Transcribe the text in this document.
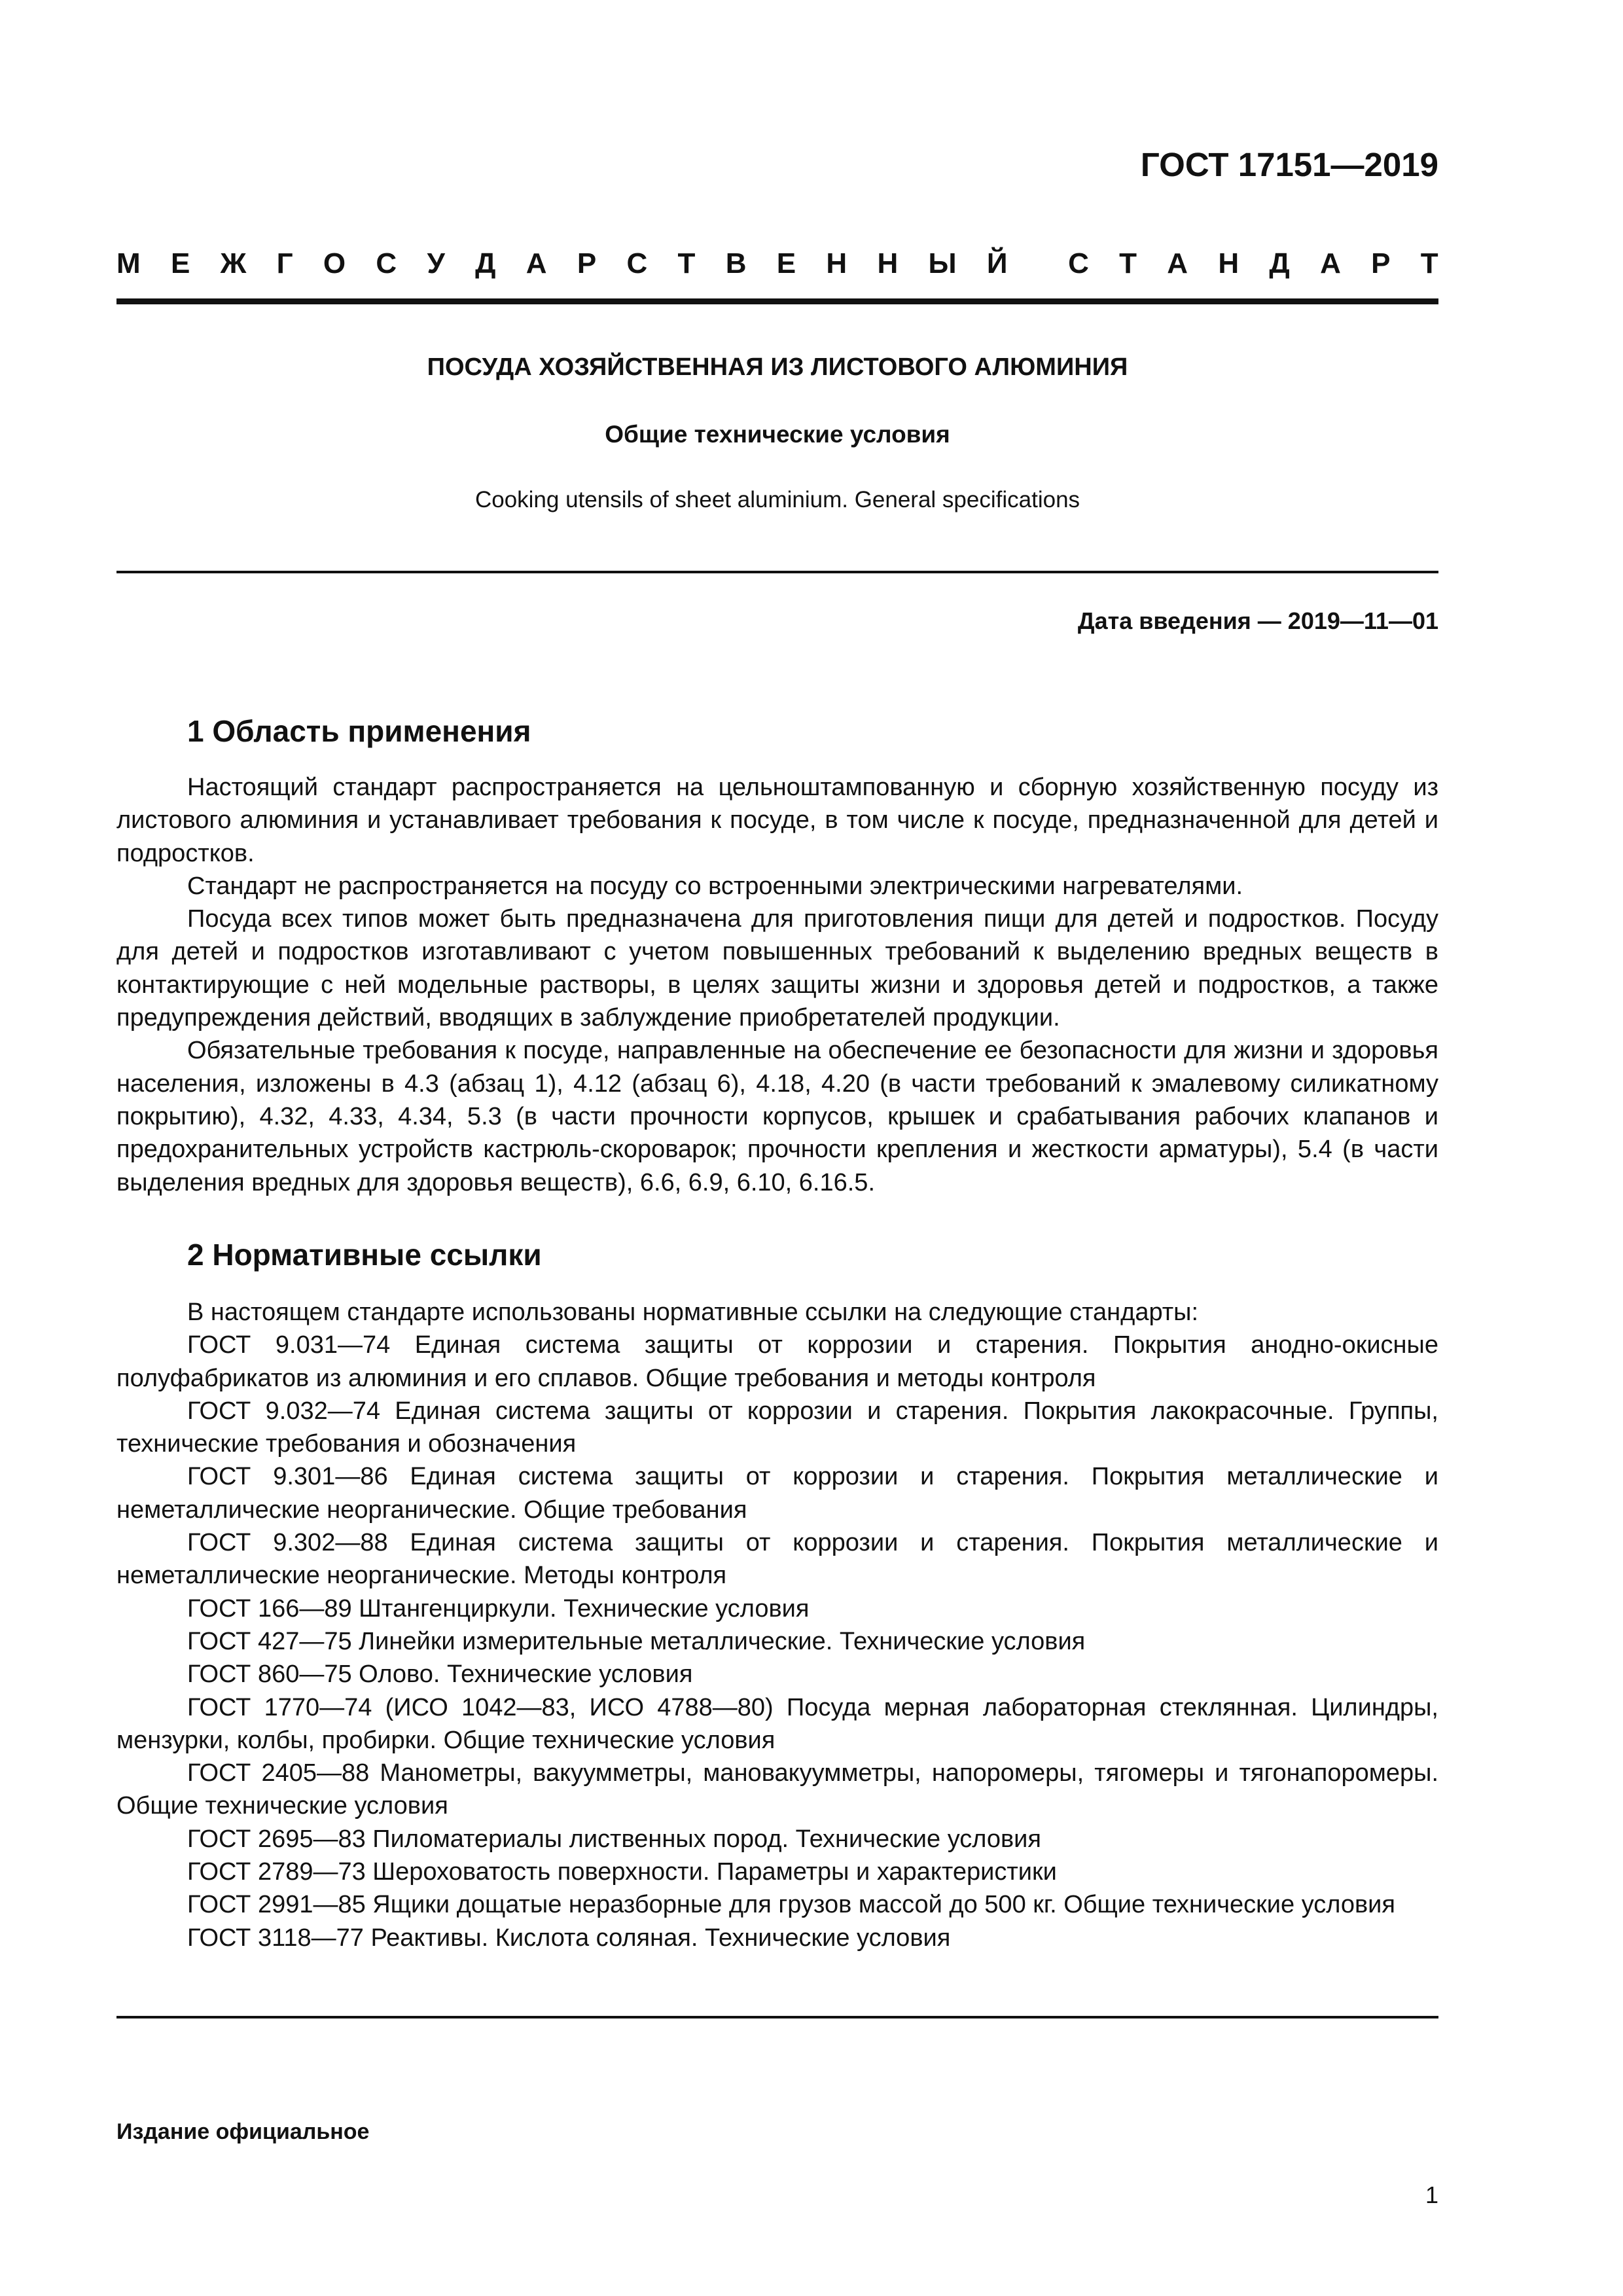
ГОСТ 17151—2019
М Е Ж Г О С У Д А Р С Т В Е Н Н Ы Й С Т А Н Д А Р Т
ПОСУДА ХОЗЯЙСТВЕННАЯ ИЗ ЛИСТОВОГО АЛЮМИНИЯ
Общие технические условия
Cooking utensils of sheet aluminium. General specifications
Дата введения — 2019—11—01
1 Область применения

Настоящий стандарт распространяется на цельноштампованную и сборную хозяйственную посуду из листового алюминия и устанавливает требования к посуде, в том числе к посуде, предназначенной для детей и подростков.

Стандарт не распространяется на посуду со встроенными электрическими нагревателями.

Посуда всех типов может быть предназначена для приготовления пищи для детей и подростков. Посуду для детей и подростков изготавливают с учетом повышенных требований к выделению вредных веществ в контактирующие с ней модельные растворы, в целях защиты жизни и здоровья детей и подростков, а также предупреждения действий, вводящих в заблуждение приобретателей продукции.

Обязательные требования к посуде, направленные на обеспечение ее безопасности для жизни и здоровья населения, изложены в 4.3 (абзац 1), 4.12 (абзац 6), 4.18, 4.20 (в части требований к эмалевому силикатному покрытию), 4.32, 4.33, 4.34, 5.3 (в части прочности корпусов, крышек и срабатывания рабочих клапанов и предохранительных устройств кастрюль-скороварок; прочности крепления и жесткости арматуры), 5.4 (в части выделения вредных для здоровья веществ), 6.6, 6.9, 6.10, 6.16.5.

2 Нормативные ссылки

В настоящем стандарте использованы нормативные ссылки на следующие стандарты:

ГОСТ 9.031—74 Единая система защиты от коррозии и старения. Покрытия анодно-окисные полуфабрикатов из алюминия и его сплавов. Общие требования и методы контроля

ГОСТ 9.032—74 Единая система защиты от коррозии и старения. Покрытия лакокрасочные. Группы, технические требования и обозначения

ГОСТ 9.301—86 Единая система защиты от коррозии и старения. Покрытия металлические и неметаллические неорганические. Общие требования

ГОСТ 9.302—88 Единая система защиты от коррозии и старения. Покрытия металлические и неметаллические неорганические. Методы контроля

ГОСТ 166—89 Штангенциркули. Технические условия

ГОСТ 427—75 Линейки измерительные металлические. Технические условия

ГОСТ 860—75 Олово. Технические условия

ГОСТ 1770—74 (ИСО 1042—83, ИСО 4788—80) Посуда мерная лабораторная стеклянная. Цилиндры, мензурки, колбы, пробирки. Общие технические условия

ГОСТ 2405—88 Манометры, вакуумметры, мановакуумметры, напоромеры, тягомеры и тягонапоромеры. Общие технические условия

ГОСТ 2695—83 Пиломатериалы лиственных пород. Технические условия

ГОСТ 2789—73 Шероховатость поверхности. Параметры и характеристики

ГОСТ 2991—85 Ящики дощатые неразборные для грузов массой до 500 кг. Общие технические условия

ГОСТ 3118—77 Реактивы. Кислота соляная. Технические условия

Издание официальное
1
